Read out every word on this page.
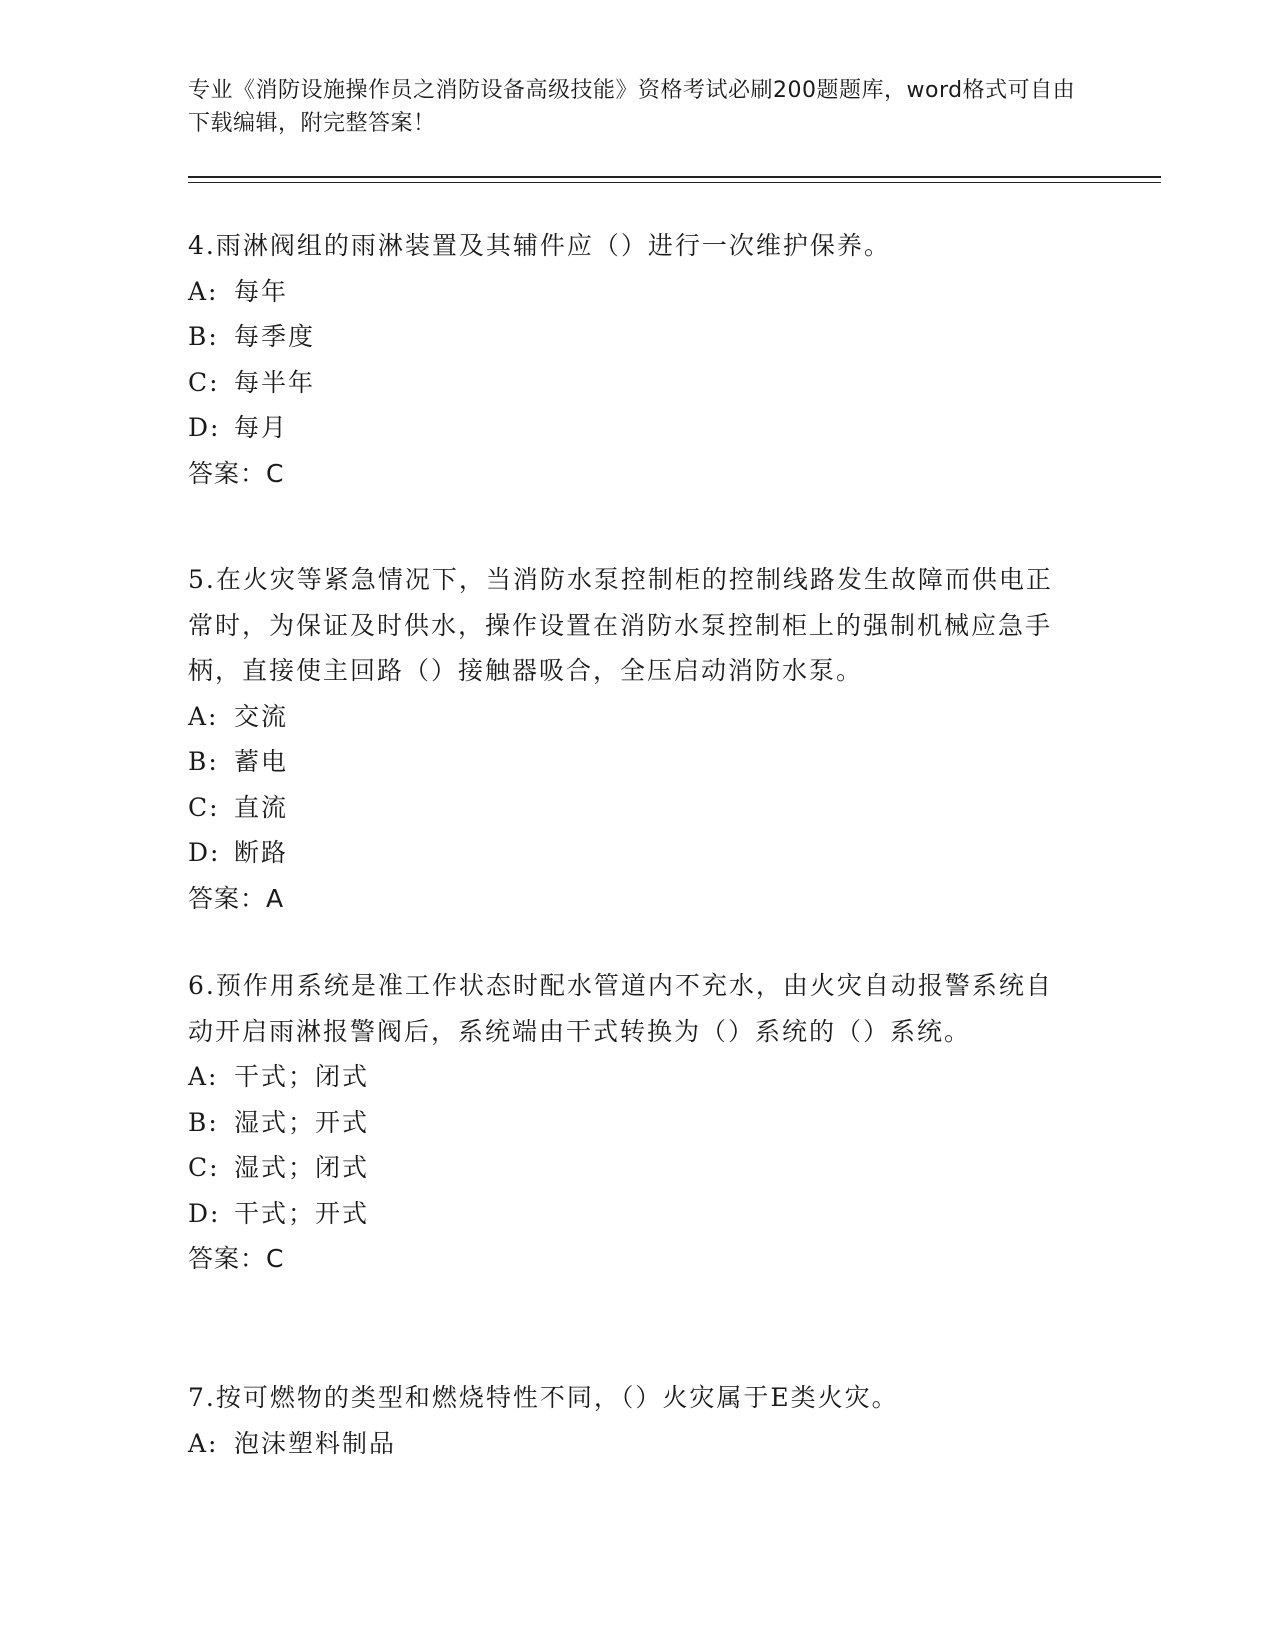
专业《消防设施操作员之消防设备高级技能》资格考试必刷200题题库，word格式可自由下载编辑，附完整答案！
4.雨淋阀组的雨淋装置及其辅件应（）进行一次维护保养。
A: 每年
B: 每季度
C: 每半年
D: 每月
答案：C
5.在火灾等紧急情况下，当消防水泵控制柜的控制线路发生故障而供电正常时，为保证及时供水，操作设置在消防水泵控制柜上的强制机械应急手柄，直接使主回路（）接触器吸合，全压启动消防水泵。
A: 交流
B: 蓄电
C: 直流
D: 断路
答案：A
6.预作用系统是准工作状态时配水管道内不充水，由火灾自动报警系统自动开启雨淋报警阀后，系统端由干式转换为（）系统的（）系统。
A: 干式；闭式
B: 湿式；开式
C: 湿式；闭式
D: 干式；开式
答案：C
7.按可燃物的类型和燃烧特性不同，（）火灾属于E类火灾。
A: 泡沫塑料制品
